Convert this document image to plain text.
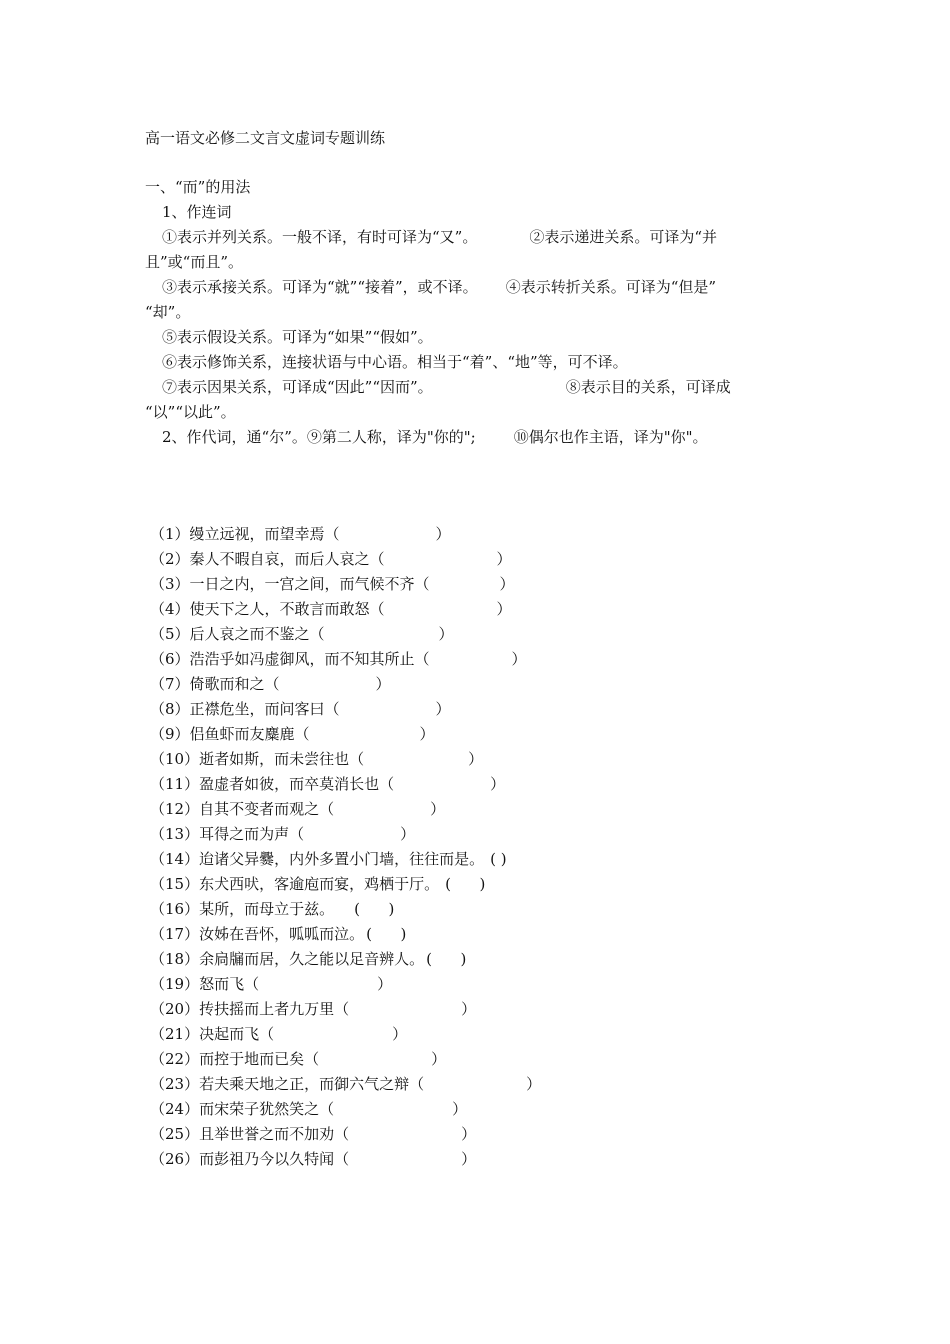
高一语文必修二文言文虚词专题训练
一、“而”的用法
1、作连词
①表示并列关系。一般不译，有时可译为“又”。	②表示递进关系。可译为“并
且”或“而且”。
③表示承接关系。可译为“就”“接着”，或不译。 ④表示转折关系。可译为“但是”
“却”。
⑤表示假设关系。可译为“如果”“假如”。
⑥表示修饰关系，连接状语与中心语。相当于“着”、“地”等，可不译。
⑦表示因果关系，可译成“因此”“因而”。	⑧表示目的关系，可译成
“以”“以此”。
2、作代词，通“尔”。⑨第二人称，译为"你的";	⑩偶尔也作主语，译为"你"。
（1）缦立远视，而望幸焉（	）
（2）秦人不暇自哀，而后人哀之（	）
（3）一日之内，一宫之间，而气候不齐（	）
（4）使天下之人，不敢言而敢怒（	）
（5）后人哀之而不鉴之（	）
（6）浩浩乎如冯虚御风，而不知其所止（	）
（7）倚歌而和之（	）
（8）正襟危坐，而问客曰（	）
（9）侣鱼虾而友麋鹿（	）
（10）逝者如斯，而未尝往也（	）
（11）盈虚者如彼，而卒莫消长也（	）
（12）自其不变者而观之（	）
（13）耳得之而为声（	）
（14）迨诸父异爨，内外多置小门墙，往往而是。 ( )
（15）东犬西吠，客逾庖而宴，鸡栖于厅。 (      )
（16）某所，而母立于兹。 (      )
（17）汝姊在吾怀，呱呱而泣。 (      )
（18）余扃牖而居，久之能以足音辨人。 (      )
（19）怒而飞（	）
（20）抟扶摇而上者九万里（	）
（21）决起而飞（	）
（22）而控于地而已矣（	）
（23）若夫乘天地之正，而御六气之辩（	）
（24）而宋荣子犹然笑之（	）
（25）且举世誉之而不加劝（	）
（26）而彭祖乃今以久特闻（	）
